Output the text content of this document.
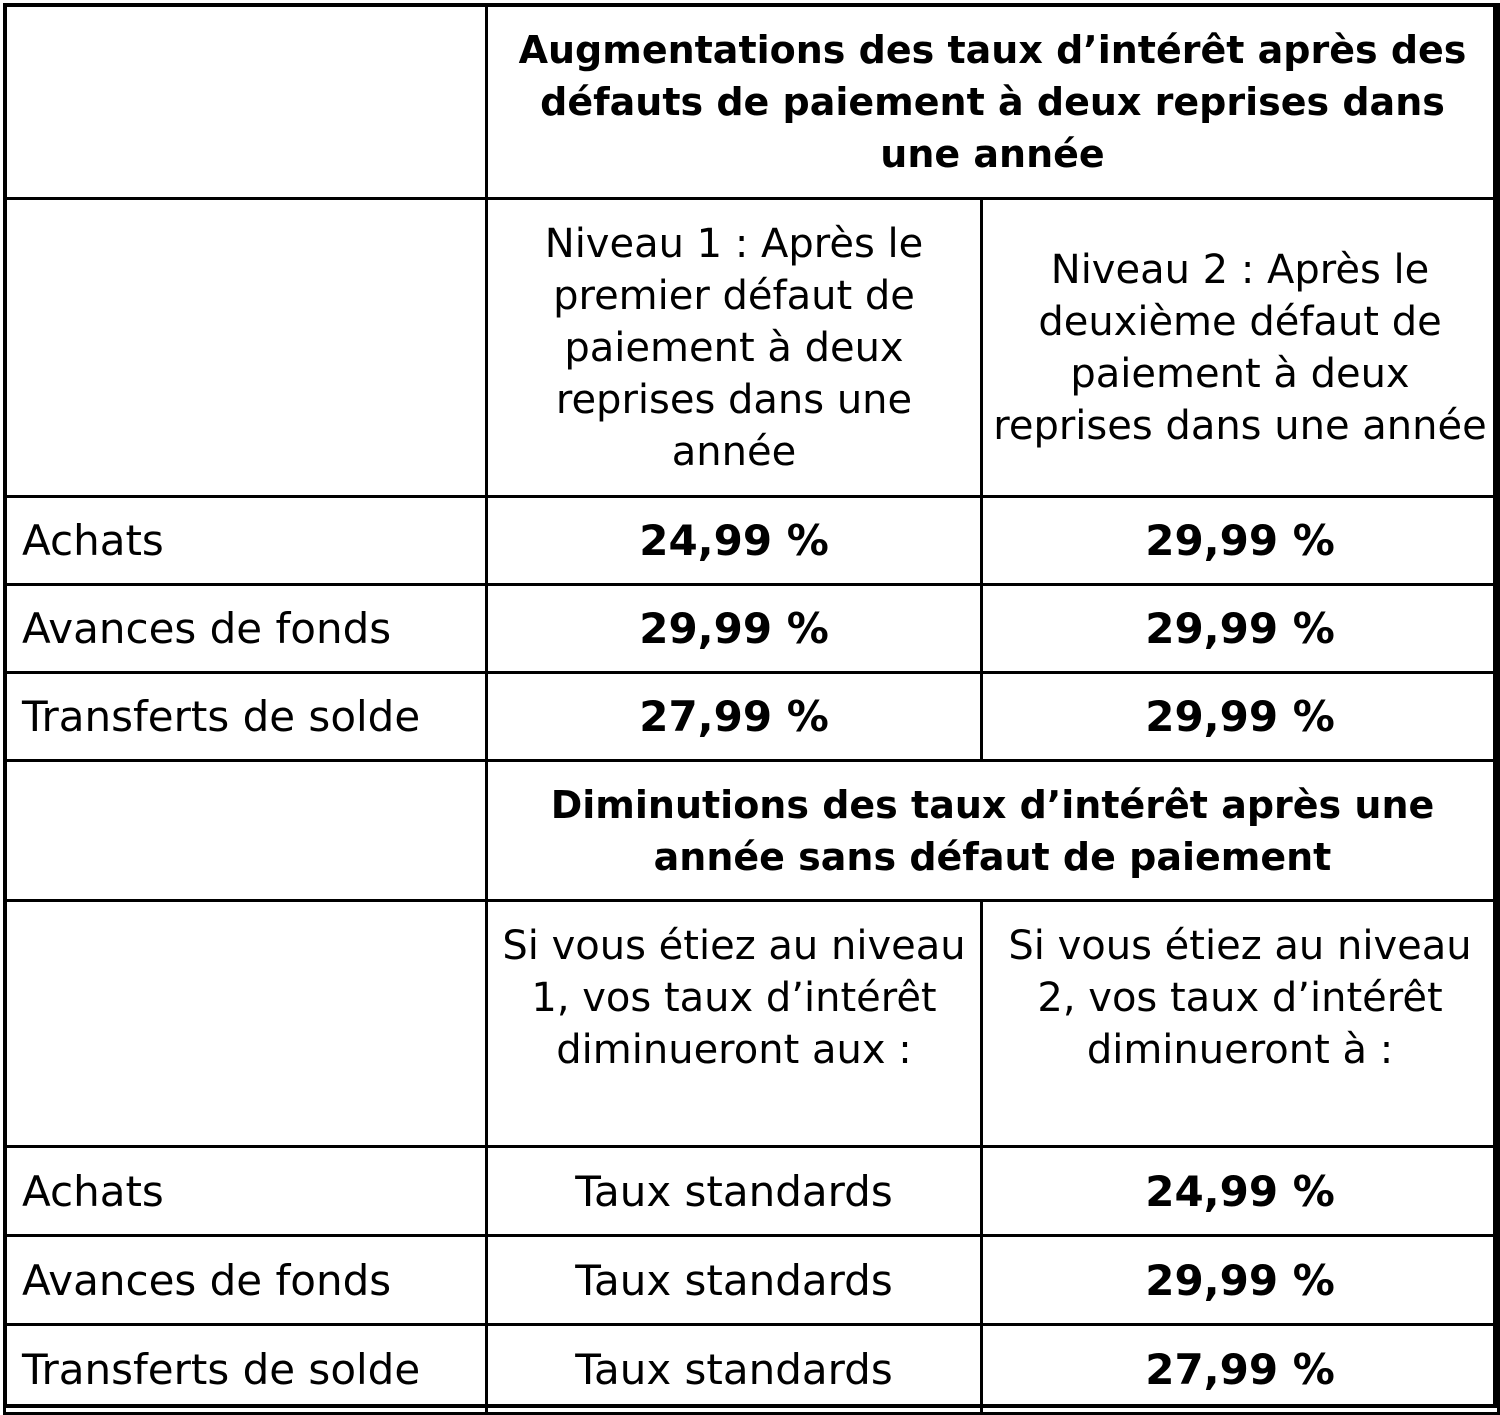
	Augmentations des taux d’intérêt après des défauts de paiement à deux reprises dans une année	
	Niveau 1 : Après le premier défaut de paiement à deux reprises dans une année	Niveau 2 : Après le deuxième défaut de paiement à deux reprises dans une année
Achats	24,99 %	29,99 %
Avances de fonds	29,99 %	29,99 %
Transferts de solde	27,99 %	29,99 %
	Diminutions des taux d’intérêt après une année sans défaut de paiement	
	Si vous étiez au niveau 1, vos taux d’intérêt diminueront aux :	Si vous étiez au niveau 2, vos taux d’intérêt diminueront à :
Achats	Taux standards	24,99 %
Avances de fonds	Taux standards	29,99 %
Transferts de solde	Taux standards	27,99 %
